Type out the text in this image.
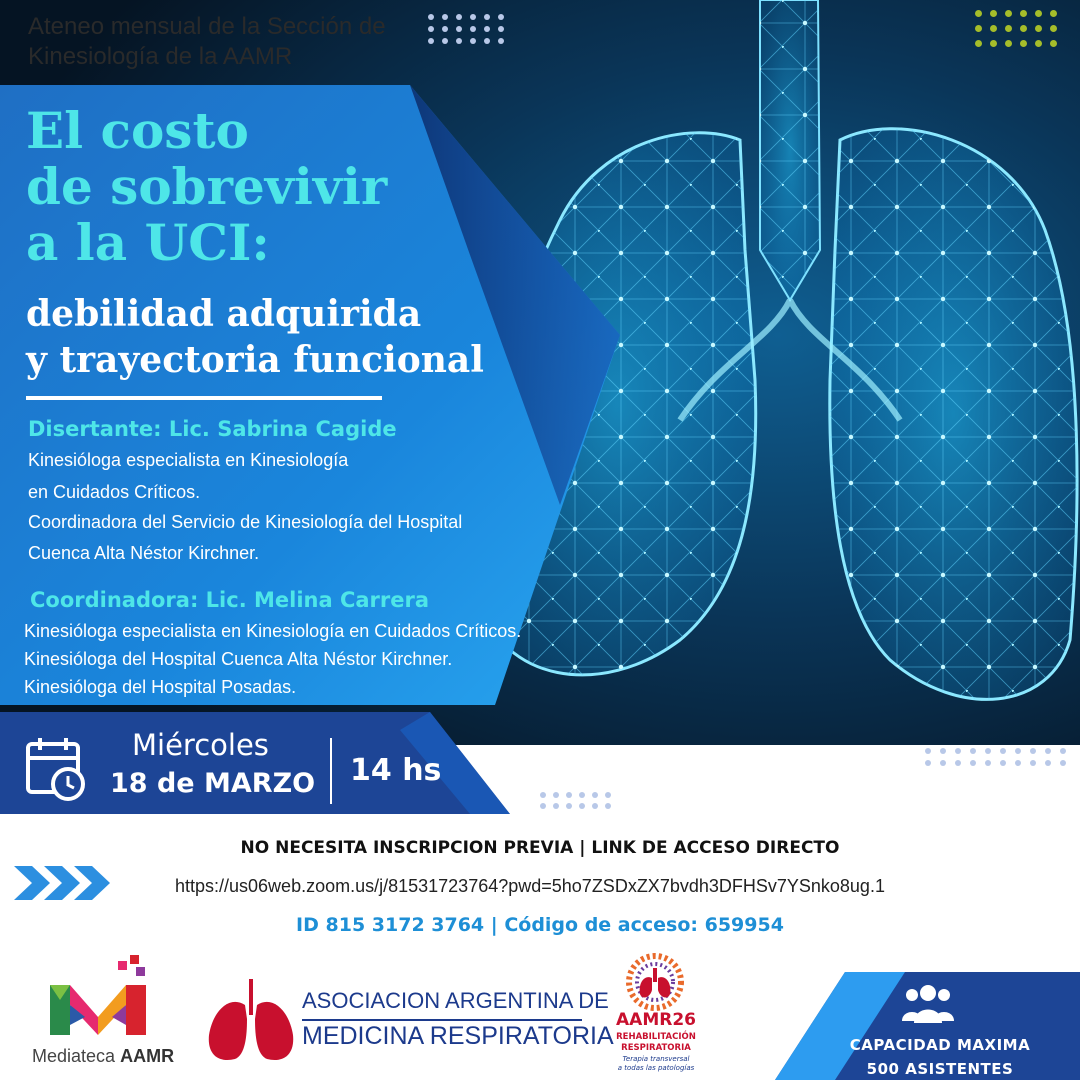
Ateneo mensual de la Sección de
Kinesiología de la AAMR
El costo
de sobrevivir
a la UCI:
debilidad adquirida
y trayectoria funcional
Disertante: Lic. Sabrina Cagide
Kinesióloga especialista en Kinesiología
en Cuidados Críticos.
Coordinadora del Servicio de Kinesiología del Hospital
Cuenca Alta Néstor Kirchner.
Coordinadora: Lic. Melina Carrera
Kinesióloga especialista en Kinesiología en Cuidados Críticos.
Kinesióloga del Hospital Cuenca Alta Néstor Kirchner.
Kinesióloga del Hospital Posadas.
Miércoles
18 de MARZO 14 hs
NO NECESITA INSCRIPCION PREVIA | LINK DE ACCESO DIRECTO
https://us06web.zoom.us/j/81531723764?pwd=5ho7ZSDxZX7bvdh3DFHSv7YSnko8ug.1
ID 815 3172 3764 | Código de acceso: 659954
Mediateca AAMR
ASOCIACION ARGENTINA DE
MEDICINA RESPIRATORIA
AAMR26
REHABILITACIÓN
RESPIRATORIA
Terapia transversal
a todas las patologías
CAPACIDAD MAXIMA
500 ASISTENTES
